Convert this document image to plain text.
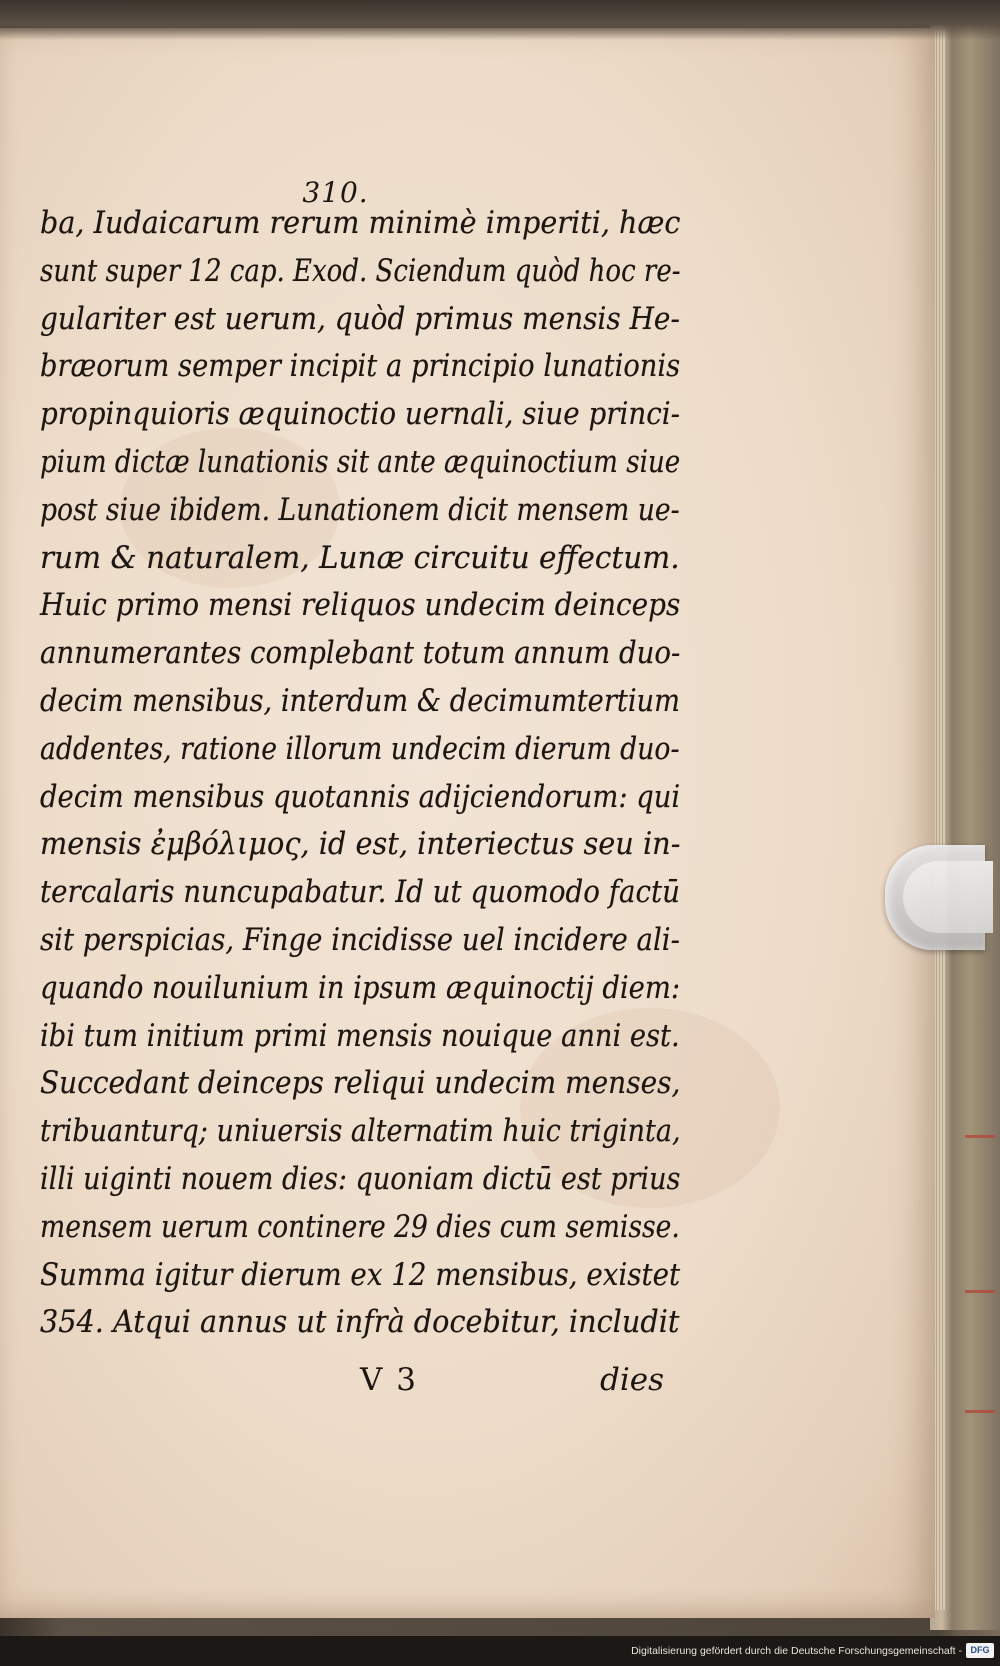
310.
ba, Iudaicarum rerum minimè imperiti, hæc
sunt super 12 cap. Exod. Sciendum quòd hoc re-
gulariter est uerum, quòd primus mensis He-
bræorum semper incipit a principio lunationis
propinquioris æquinoctio uernali, siue princi-
pium dictæ lunationis sit ante æquinoctium siue
post siue ibidem. Lunationem dicit mensem ue-
rum & naturalem, Lunæ circuitu effectum.
Huic primo mensi reliquos undecim deinceps
annumerantes complebant totum annum duo-
decim mensibus, interdum & decimumtertium
addentes, ratione illorum undecim dierum duo-
decim mensibus quotannis adijciendorum: qui
mensis ἐμβόλιμος, id est, interiectus seu in-
tercalaris nuncupabatur. Id ut quomodo factū
sit perspicias, Finge incidisse uel incidere ali-
quando nouilunium in ipsum æquinoctij diem:
ibi tum initium primi mensis nouique anni est.
Succedant deinceps reliqui undecim menses,
tribuanturq; uniuersis alternatim huic triginta,
illi uiginti nouem dies: quoniam dictū est prius
mensem uerum continere 29 dies cum semisse.
Summa igitur dierum ex 12 mensibus, existet
354. Atqui annus ut infrà docebitur, includit
V 3	dies
Digitalisierung gefördert durch die Deutsche Forschungsgemeinschaft - DFG
